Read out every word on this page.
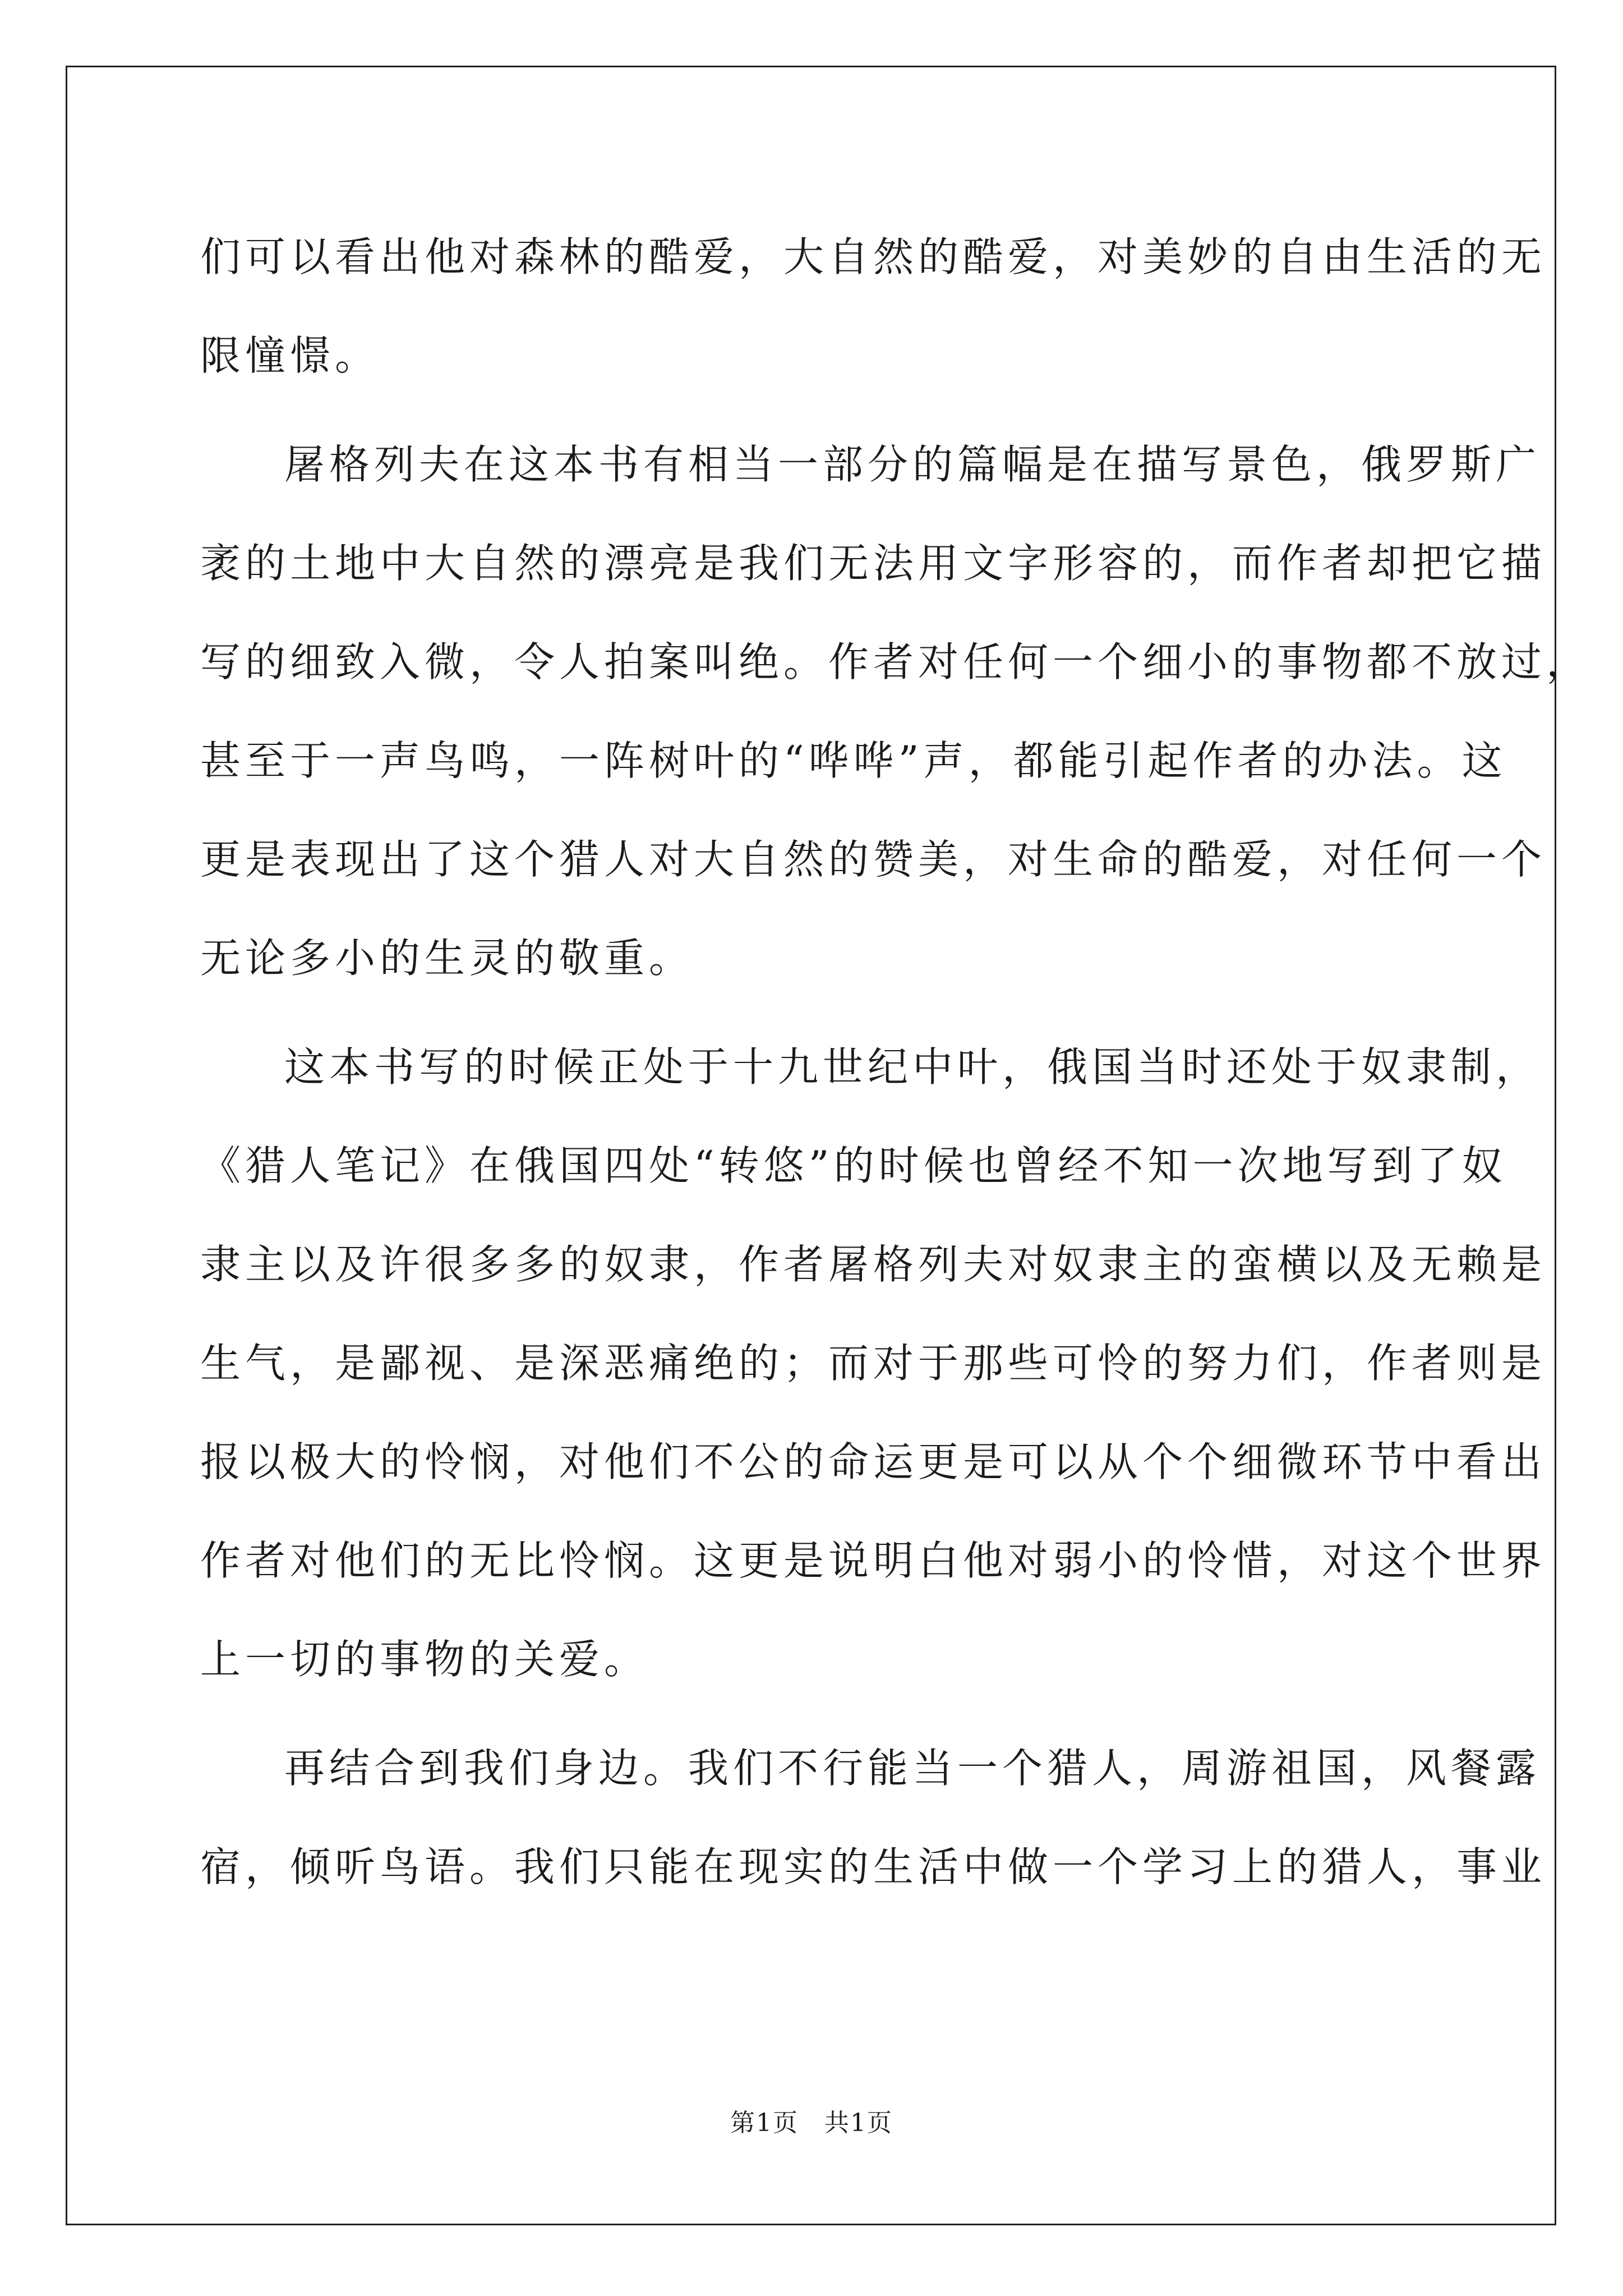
们可以看出他对森林的酷爱，大自然的酷爱，对美妙的自由生活的无
限憧憬。
屠格列夫在这本书有相当一部分的篇幅是在描写景色，俄罗斯广
袤的土地中大自然的漂亮是我们无法用文字形容的，而作者却把它描
写的细致入微，令人拍案叫绝。作者对任何一个细小的事物都不放过，
甚至于一声鸟鸣，一阵树叶的“哗哗”声，都能引起作者的办法。这
更是表现出了这个猎人对大自然的赞美，对生命的酷爱，对任何一个
无论多小的生灵的敬重。
这本书写的时候正处于十九世纪中叶，俄国当时还处于奴隶制，
《猎人笔记》在俄国四处“转悠”的时候也曾经不知一次地写到了奴
隶主以及许很多多的奴隶，作者屠格列夫对奴隶主的蛮横以及无赖是
生气，是鄙视、是深恶痛绝的；而对于那些可怜的努力们，作者则是
报以极大的怜悯，对他们不公的命运更是可以从个个细微环节中看出
作者对他们的无比怜悯。这更是说明白他对弱小的怜惜，对这个世界
上一切的事物的关爱。
再结合到我们身边。我们不行能当一个猎人，周游祖国，风餐露
宿，倾听鸟语。我们只能在现实的生活中做一个学习上的猎人，事业
第1页 共1页
